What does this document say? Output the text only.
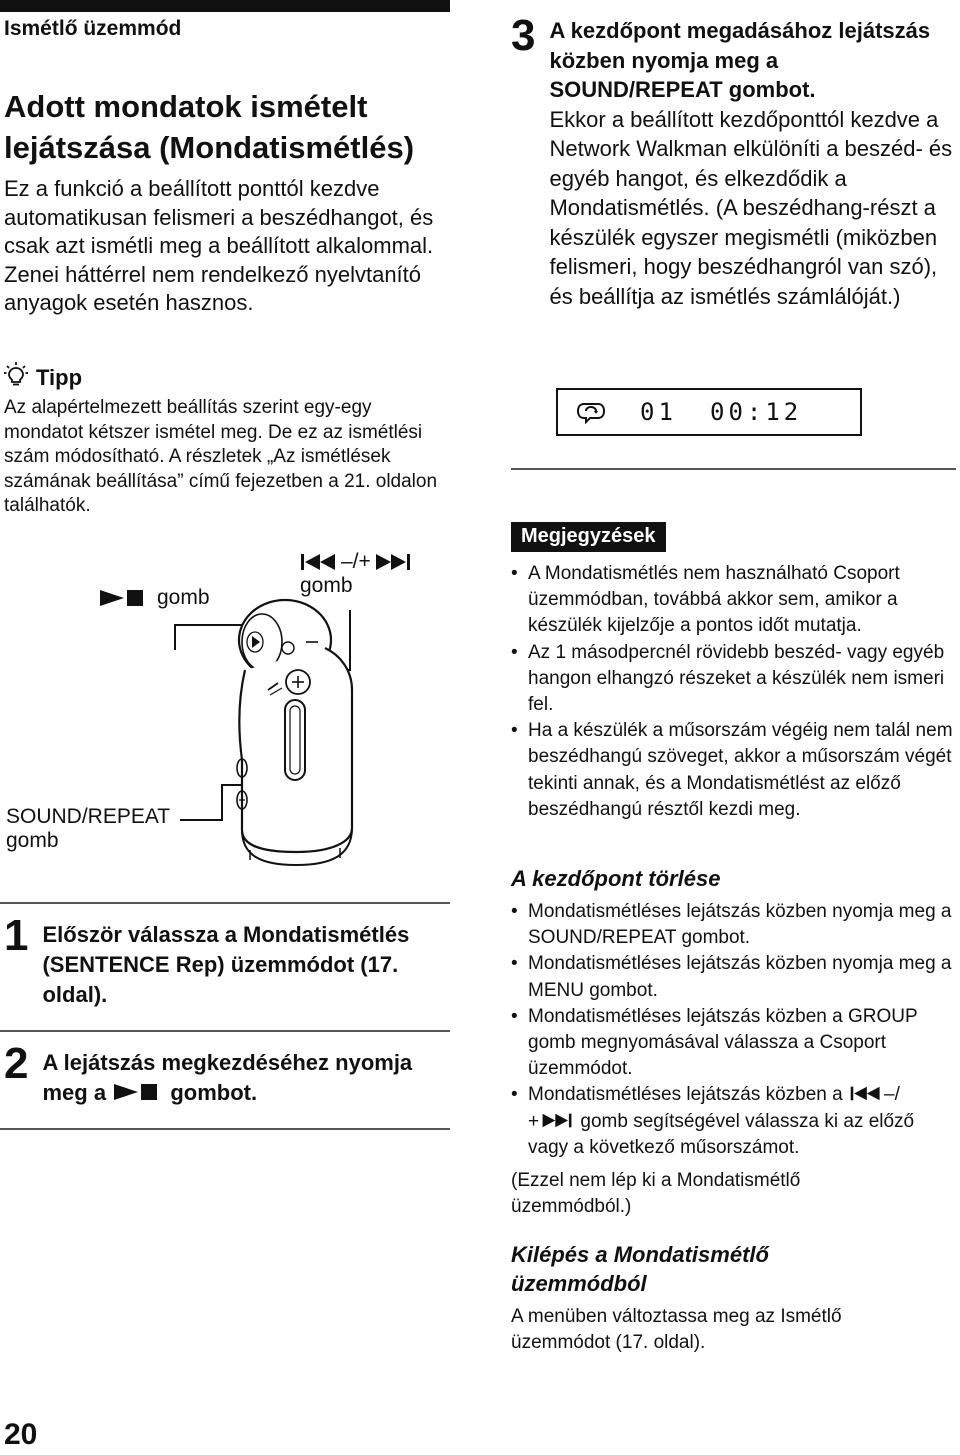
Ismétlő üzemmód
Adott mondatok ismételt lejátszása (Mondatismétlés)
Ez a funkció a beállított ponttól kezdve automatikusan felismeri a beszédhangot, és csak azt ismétli meg a beállított alkalommal. Zenei háttérrel nem rendelkező nyelvtanító anyagok esetén hasznos.
Tipp
Az alapértelmezett beállítás szerint egy-egy mondatot kétszer ismétel meg. De ez az ismétlési szám módosítható. A részletek „Az ismétlések számának beállítása” című fejezetben a 21. oldalon találhatók.
gomb
–/+
gomb
SOUND/REPEAT
gomb
1 Először válassza a Mondatismétlés (SENTENCE Rep) üzemmódot (17. oldal).
2 A lejátszás megkezdéséhez nyomja meg a	gombot.
20
3 A kezdőpont megadásához lejátszás közben nyomja meg a SOUND/REPEAT gombot.
Ekkor a beállított kezdőponttól kezdve a Network Walkman elkülöníti a beszéd- és egyéb hangot, és elkezdődik a Mondatismétlés. (A beszédhang-részt a készülék egyszer megismétli (miközben felismeri, hogy beszédhangról van szó), és beállítja az ismétlés számlálóját.)
01 00:12
Megjegyzések
• A Mondatismétlés nem használható Csoport üzemmódban, továbbá akkor sem, amikor a készülék kijelzője a pontos időt mutatja.
• Az 1 másodpercnél rövidebb beszéd- vagy egyéb hangon elhangzó részeket a készülék nem ismeri fel.
• Ha a készülék a műsorszám végéig nem talál nem beszédhangú szöveget, akkor a műsorszám végét tekinti annak, és a Mondatismétlést az előző beszédhangú résztől kezdi meg.
A kezdőpont törlése
• Mondatismétléses lejátszás közben nyomja meg a SOUND/REPEAT gombot.
• Mondatismétléses lejátszás közben nyomja meg a MENU gombot.
• Mondatismétléses lejátszás közben a GROUP gomb megnyomásával válassza a Csoport üzemmódot.
• Mondatismétléses lejátszás közben a –/
+ gomb segítségével válassza ki az előző vagy a következő műsorszámot.
(Ezzel nem lép ki a Mondatismétlő üzemmódból.)
Kilépés a Mondatismétlő üzemmódból
A menüben változtassa meg az Ismétlő üzemmódot (17. oldal).
